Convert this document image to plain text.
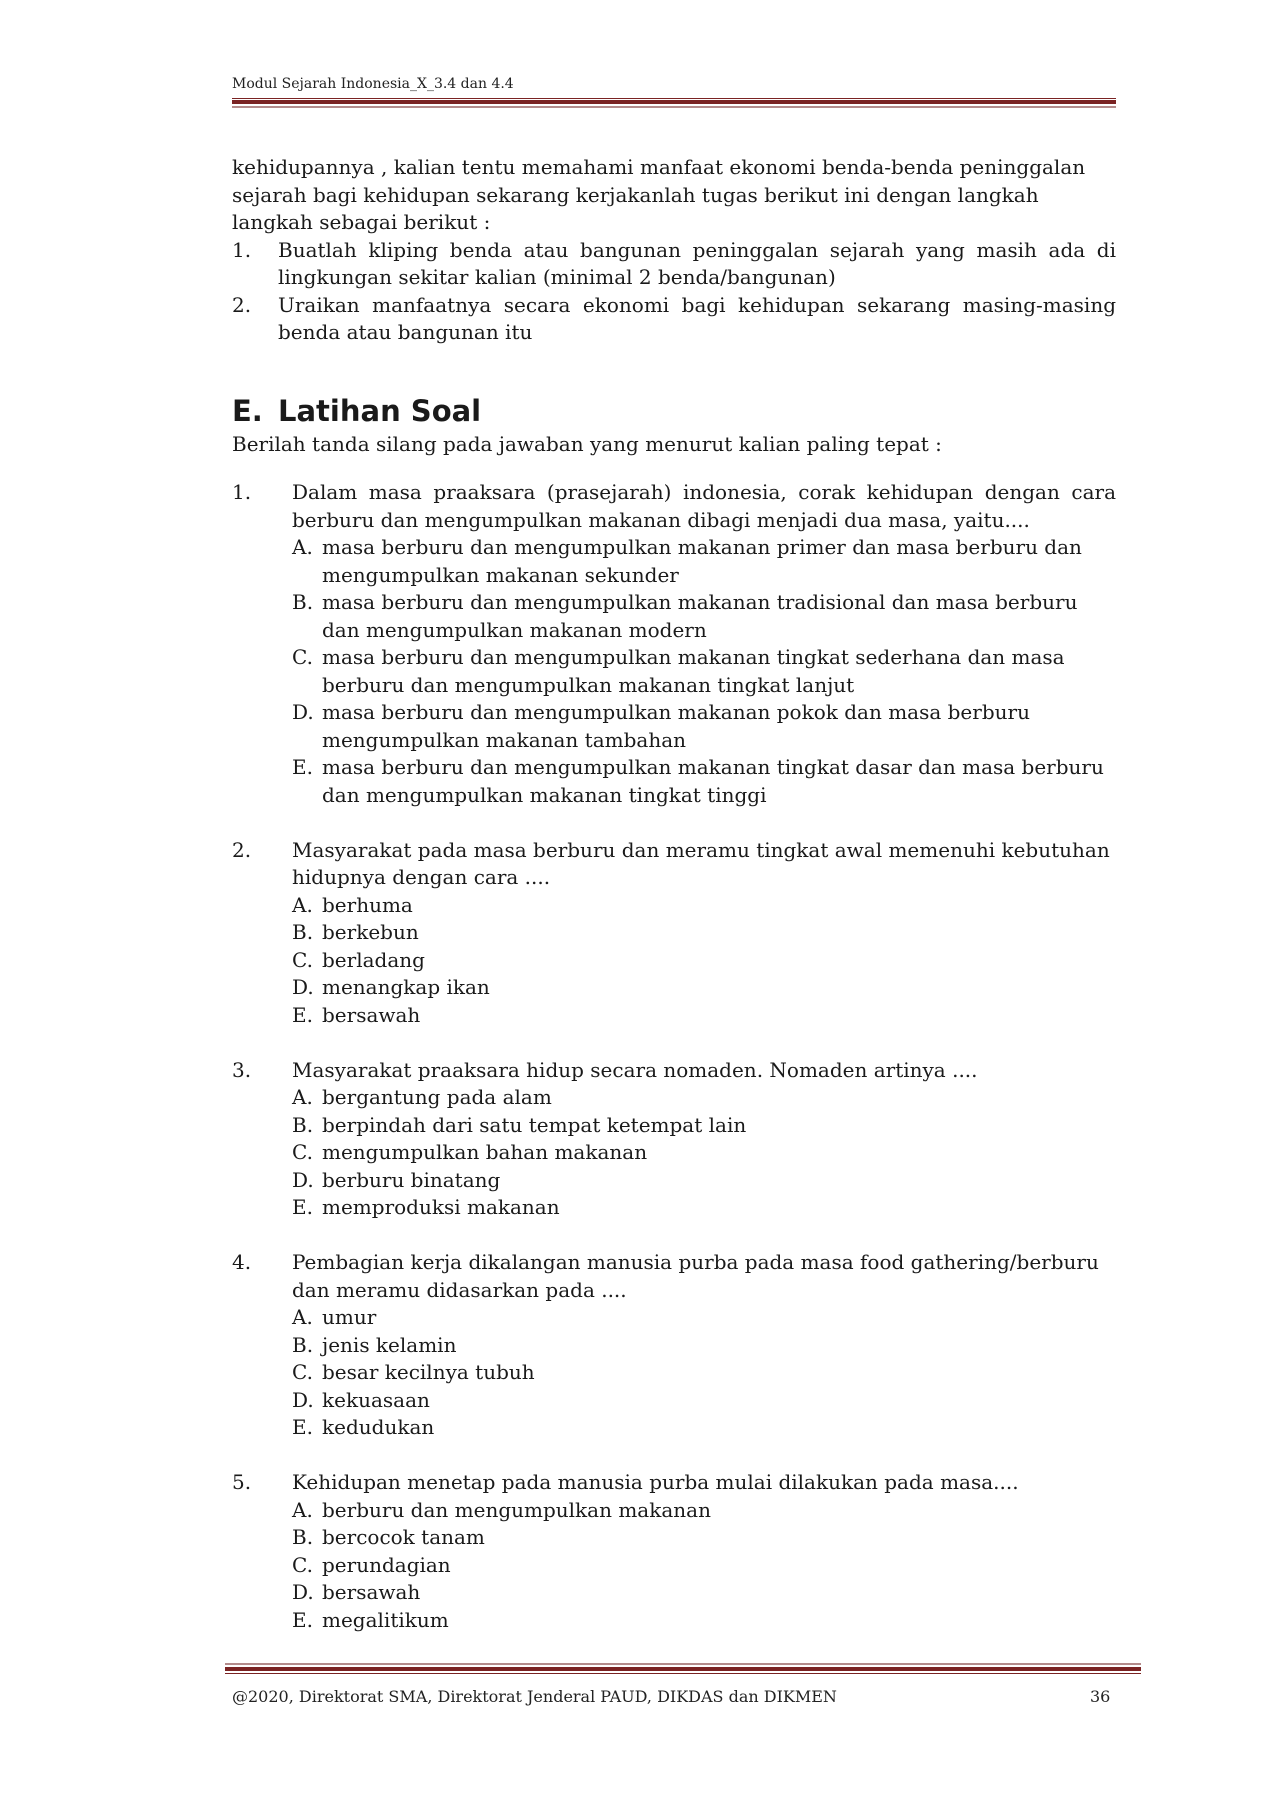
Modul Sejarah Indonesia_X_3.4 dan 4.4

kehidupannya , kalian tentu memahami manfaat ekonomi benda-benda peninggalan sejarah bagi kehidupan sekarang kerjakanlah tugas berikut ini dengan langkah langkah sebagai berikut :

1.	Buatlah kliping benda atau bangunan peninggalan sejarah yang masih ada di lingkungan sekitar kalian (minimal 2 benda/bangunan)
2.	Uraikan manfaatnya secara ekonomi bagi kehidupan sekarang masing-masing benda atau bangunan itu
E. Latihan Soal
Berilah tanda silang pada jawaban yang menurut kalian paling tepat :
1.	Dalam masa praaksara (prasejarah) indonesia, corak kehidupan dengan cara berburu dan mengumpulkan makanan dibagi menjadi dua masa, yaitu....
A. masa berburu dan mengumpulkan makanan primer dan masa berburu dan mengumpulkan makanan sekunder
B. masa berburu dan mengumpulkan makanan tradisional dan masa berburu dan mengumpulkan makanan modern
C. masa berburu dan mengumpulkan makanan tingkat sederhana dan masa berburu dan mengumpulkan makanan tingkat lanjut
D. masa berburu dan mengumpulkan makanan pokok dan masa berburu mengumpulkan makanan tambahan
E. masa berburu dan mengumpulkan makanan tingkat dasar dan masa berburu dan mengumpulkan makanan tingkat tinggi
2.	Masyarakat pada masa berburu dan meramu tingkat awal memenuhi kebutuhan hidupnya dengan cara ....
A. berhuma
B. berkebun
C. berladang
D. menangkap ikan
E. bersawah
3.	Masyarakat praaksara hidup secara nomaden. Nomaden artinya ....
A. bergantung pada alam
B. berpindah dari satu tempat ketempat lain
C. mengumpulkan bahan makanan
D. berburu binatang
E. memproduksi makanan
4.	Pembagian kerja dikalangan manusia purba pada masa food gathering/berburu dan meramu didasarkan pada ....
A. umur
B. jenis kelamin
C. besar kecilnya tubuh
D. kekuasaan
E. kedudukan
5.	Kehidupan menetap pada manusia purba mulai dilakukan pada masa....
A. berburu dan mengumpulkan makanan
B. bercocok tanam
C. perundagian
D. bersawah
E. megalitikum
@2020, Direktorat SMA, Direktorat Jenderal PAUD, DIKDAS dan DIKMEN	36
